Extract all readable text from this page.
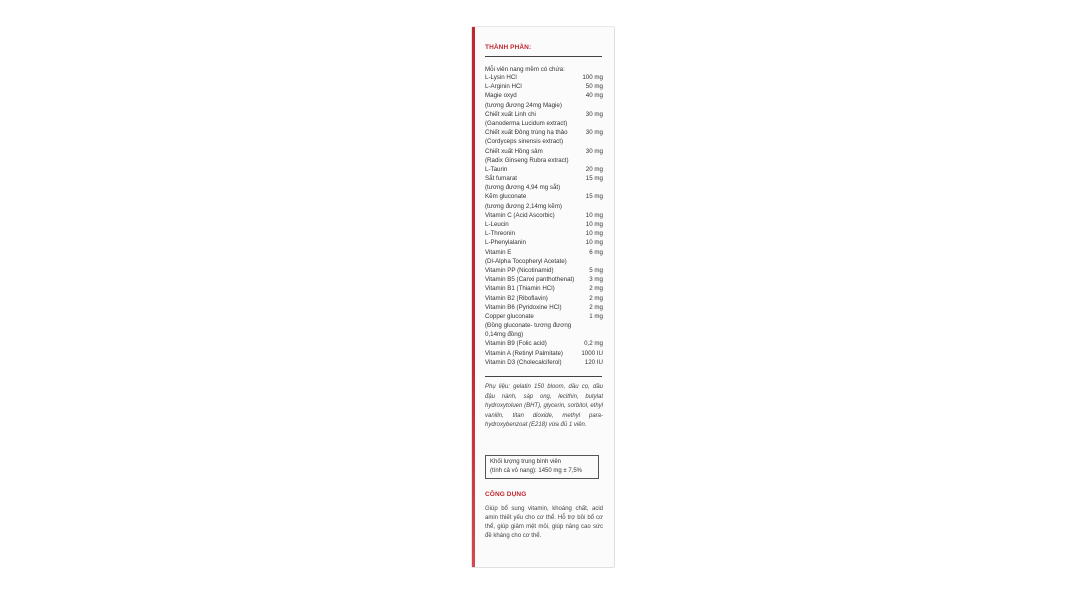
THÀNH PHẦN:
Mỗi viên nang mềm có chứa:
L-Lysin HCl	100 mg
L-Arginin HCl	50 mg
Magie oxyd	40 mg
(tương đương 24mg Magie)
Chiết xuất Linh chi	30 mg
(Ganoderma Lucidum extract)
Chiết xuất Đông trùng hạ thảo	30 mg
(Cordyceps sinensis extract)
Chiết xuất Hồng sâm	30 mg
(Radix Ginseng Rubra extract)
L-Taurin	20 mg
Sắt fumarat	15 mg
(tương đương 4,94 mg sắt)
Kẽm gluconate	15 mg
(tương đương 2,14mg kẽm)
Vitamin C (Acid Ascorbic)	10 mg
L-Leucin	10 mg
L-Threonin	10 mg
L-Phenylalanin	10 mg
Vitamin E	6 mg
(Dl-Alpha Tocopheryl Acetate)
Vitamin PP (Nicotinamid)	5 mg
Vitamin B5 (Canxi panthothenat) 3 mg
Vitamin B1 (Thiamin HCl)	2 mg
Vitamin B2 (Riboflavin)	2 mg
Vitamin B6 (Pyridoxine HCl)	2 mg
Copper gluconate	1 mg
(Đồng gluconate- tương đương
0,14mg đồng)
Vitamin B9 (Folic acid)	0,2 mg
Vitamin A (Retinyl Palmitate)	1000 IU
Vitamin D3 (Cholecalciferol)	120 IU
Phụ liệu: gelatin 150 bloom, dầu cọ, dầu đậu nành, sáp ong, lecithin, butylat hydroxytoluen (BHT), glycerin, sorbitol, ethyl vanilin, titan dioxide, methyl para-hydroxybenzoat (E218) vừa đủ 1 viên.
Khối lượng trung bình viên
(tính cả vỏ nang): 1450 mg ± 7,5%
CÔNG DỤNG
Giúp bổ sung vitamin, khoáng chất, acid amin thiết yếu cho cơ thể. Hỗ trợ bồi bổ cơ thể, giúp giảm mệt mỏi, giúp nâng cao sức đề kháng cho cơ thể.
